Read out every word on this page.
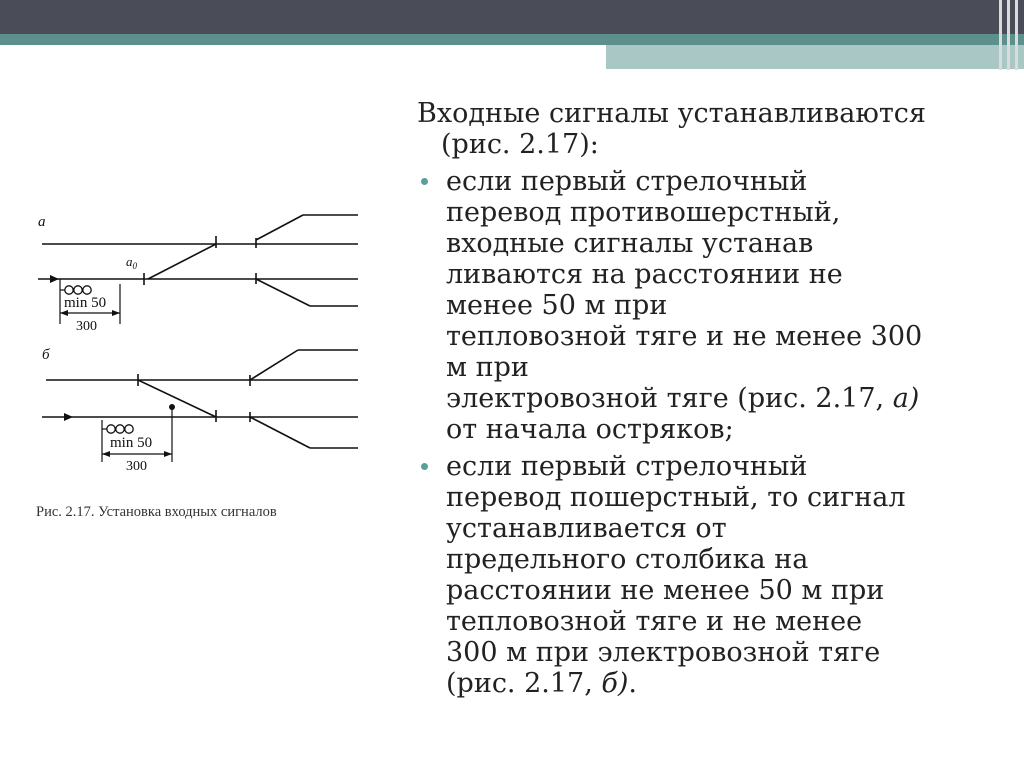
а
$a_0$
min 50
300
б
min 50
300
Рис. 2.17. Установка входных сигналов

Входные сигналы устанавливаются
(рис. 2.17):

если первый стрелочный
перевод противошерстный,
входные сигналы устанав
ливаются на расстоянии не
менее 50 м при
тепловозной тяге и не менее 300
м при
электровозной тяге (рис. 2.17, а)
от начала остряков;
если первый стрелочный
перевод пошерстный, то сигнал
устанавливается от
предельного столбика на
расстоянии не менее 50 м при
тепловозной тяге и не менее
300 м при электровозной тяге
(рис. 2.17, б).
